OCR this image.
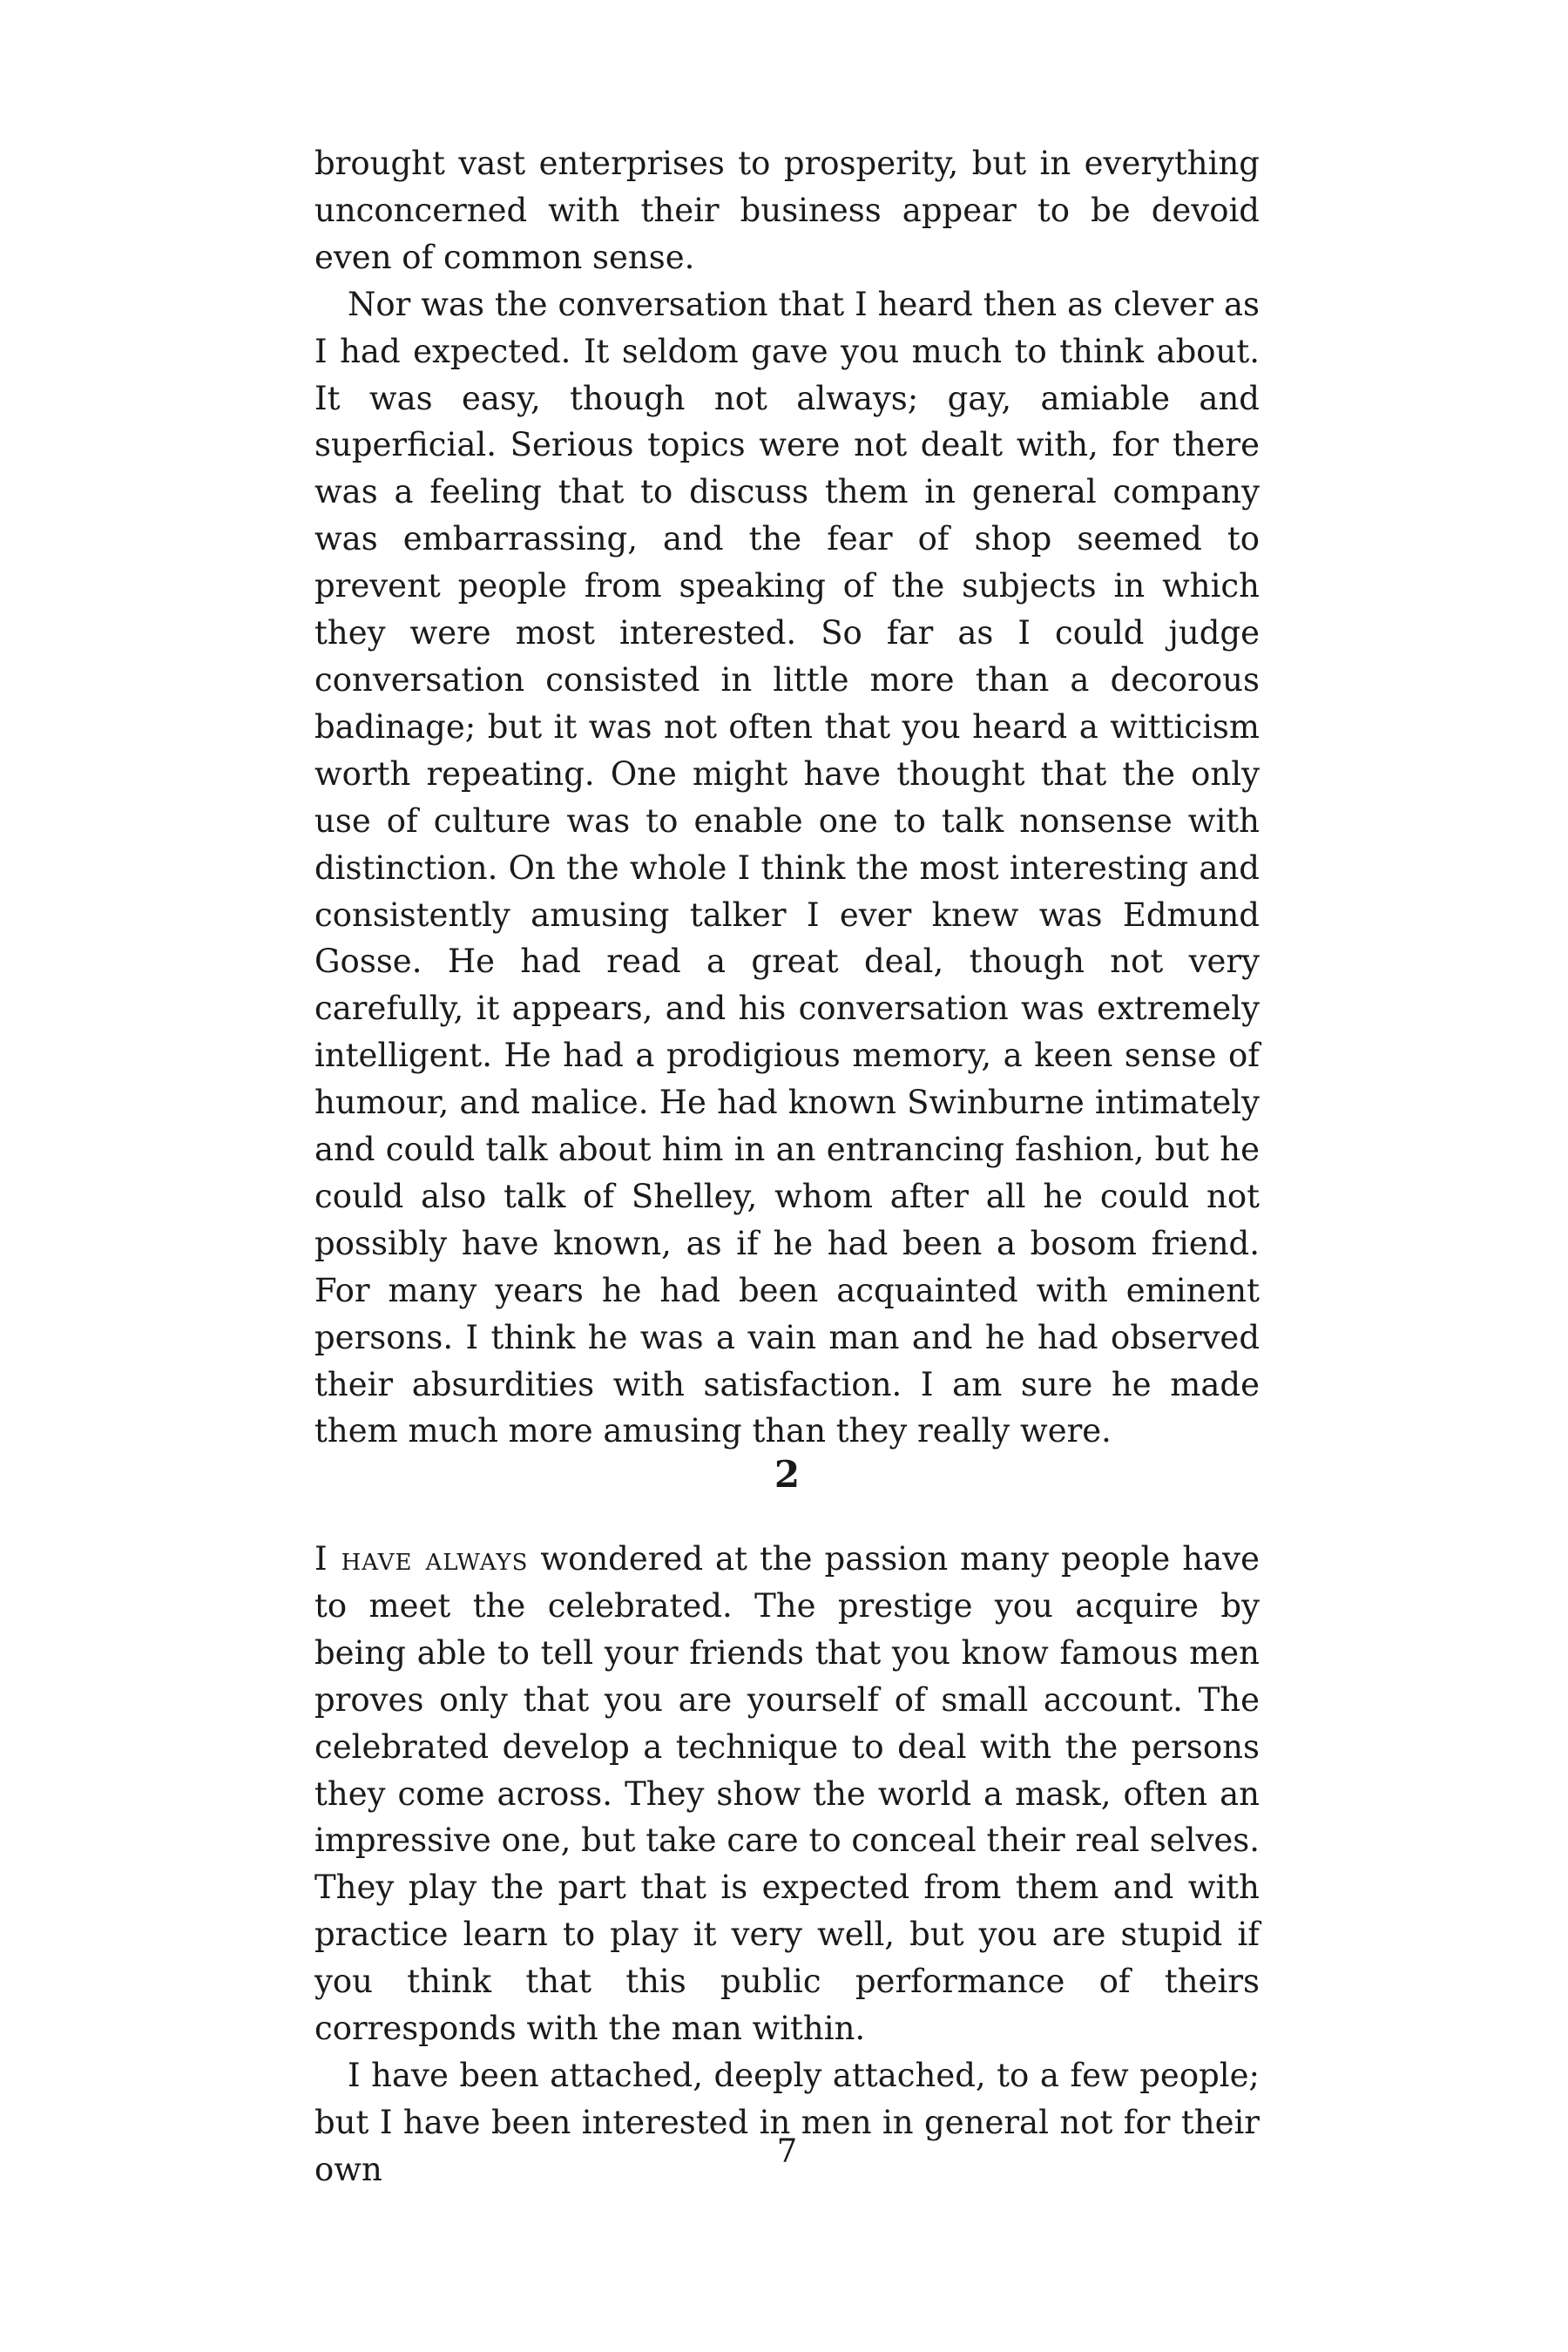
brought vast enterprises to prosperity, but in everything unconcerned with their business appear to be devoid even of common sense.

Nor was the conversation that I heard then as clever as I had expected. It seldom gave you much to think about. It was easy, though not always; gay, amiable and superficial. Serious topics were not dealt with, for there was a feeling that to discuss them in general company was embarrassing, and the fear of shop seemed to prevent people from speaking of the subjects in which they were most interested. So far as I could judge conversation consisted in little more than a decorous badinage; but it was not often that you heard a witticism worth repeating. One might have thought that the only use of culture was to enable one to talk nonsense with distinction. On the whole I think the most interesting and consistently amusing talker I ever knew was Edmund Gosse. He had read a great deal, though not very carefully, it appears, and his conversation was extremely intelligent. He had a prodigious memory, a keen sense of humour, and malice. He had known Swinburne intimately and could talk about him in an entrancing fashion, but he could also talk of Shelley, whom after all he could not possibly have known, as if he had been a bosom friend. For many years he had been acquainted with eminent persons. I think he was a vain man and he had observed their absurdities with satisfaction. I am sure he made them much more amusing than they really were.

2

I have always wondered at the passion many people have to meet the celebrated. The prestige you acquire by being able to tell your friends that you know famous men proves only that you are yourself of small account. The celebrated develop a technique to deal with the persons they come across. They show the world a mask, often an impressive one, but take care to conceal their real selves. They play the part that is expected from them and with practice learn to play it very well, but you are stupid if you think that this public performance of theirs corresponds with the man within.

I have been attached, deeply attached, to a few people; but I have been interested in men in general not for their own	7
